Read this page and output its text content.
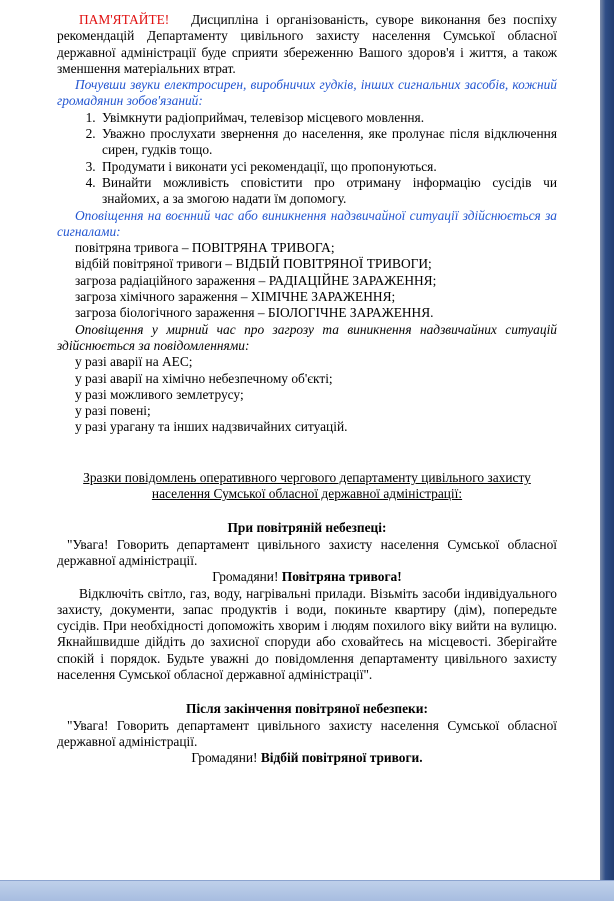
ПАМ'ЯТАЙТЕ! Дисципліна і організованість, суворе виконання без поспіху рекомендацій Департаменту цивільного захисту населення Сумської обласної державної адміністрації буде сприяти збереженню Вашого здоров'я і життя, а також зменшення матеріальних втрат.

Почувши звуки електросирен, виробничих гудків, інших сигнальних засобів, кожний громадянин зобов'язаний:

1. Увімкнути радіоприймач, телевізор місцевого мовлення.
2. Уважно прослухати звернення до населення, яке пролунає після відключення сирен, гудків тощо.
3. Продумати і виконати усі рекомендації, що пропонуються.
4. Винайти можливість сповістити про отриману інформацію сусідів чи знайомих, а за змогою надати їм допомогу.

Оповіщення на воєнний час або виникнення надзвичайної ситуації здійснюється за сигналами:

повітряна тривога – ПОВІТРЯНА ТРИВОГА;

відбій повітряної тривоги – ВІДБІЙ ПОВІТРЯНОЇ ТРИВОГИ;

загроза радіаційного зараження – РАДІАЦІЙНЕ ЗАРАЖЕННЯ;

загроза хімічного зараження – ХІМІЧНЕ ЗАРАЖЕННЯ;

загроза біологічного зараження – БІОЛОГІЧНЕ ЗАРАЖЕННЯ.

Оповіщення у мирний час про загрозу та виникнення надзвичайних ситуацій здійснюється за повідомленнями:

у разі аварії на АЕС;

у разі аварії на хімічно небезпечному об'єкті;

у разі можливого землетрусу;

у разі повені;

у разі урагану та інших надзвичайних ситуацій.

Зразки повідомлень оперативного чергового департаменту цивільного захисту населення Сумської обласної державної адміністрації:

При повітряній небезпеці:

"Увага! Говорить департамент цивільного захисту населення Сумської обласної державної адміністрації.

Громадяни! Повітряна тривога!

Відключіть світло, газ, воду, нагрівальні прилади. Візьміть засоби індивідуального захисту, документи, запас продуктів і води, покиньте квартиру (дім), попередьте сусідів. При необхідності допоможіть хворим і людям похилого віку вийти на вулицю. Якнайшвидше дійдіть до захисної споруди або сховайтесь на місцевості. Зберігайте спокій і порядок. Будьте уважні до повідомлення департаменту цивільного захисту населення Сумської обласної державної адміністрації".

Після закінчення повітряної небезпеки:

"Увага! Говорить департамент цивільного захисту населення Сумської обласної державної адміністрації.

Громадяни! Відбій повітряної тривоги.
